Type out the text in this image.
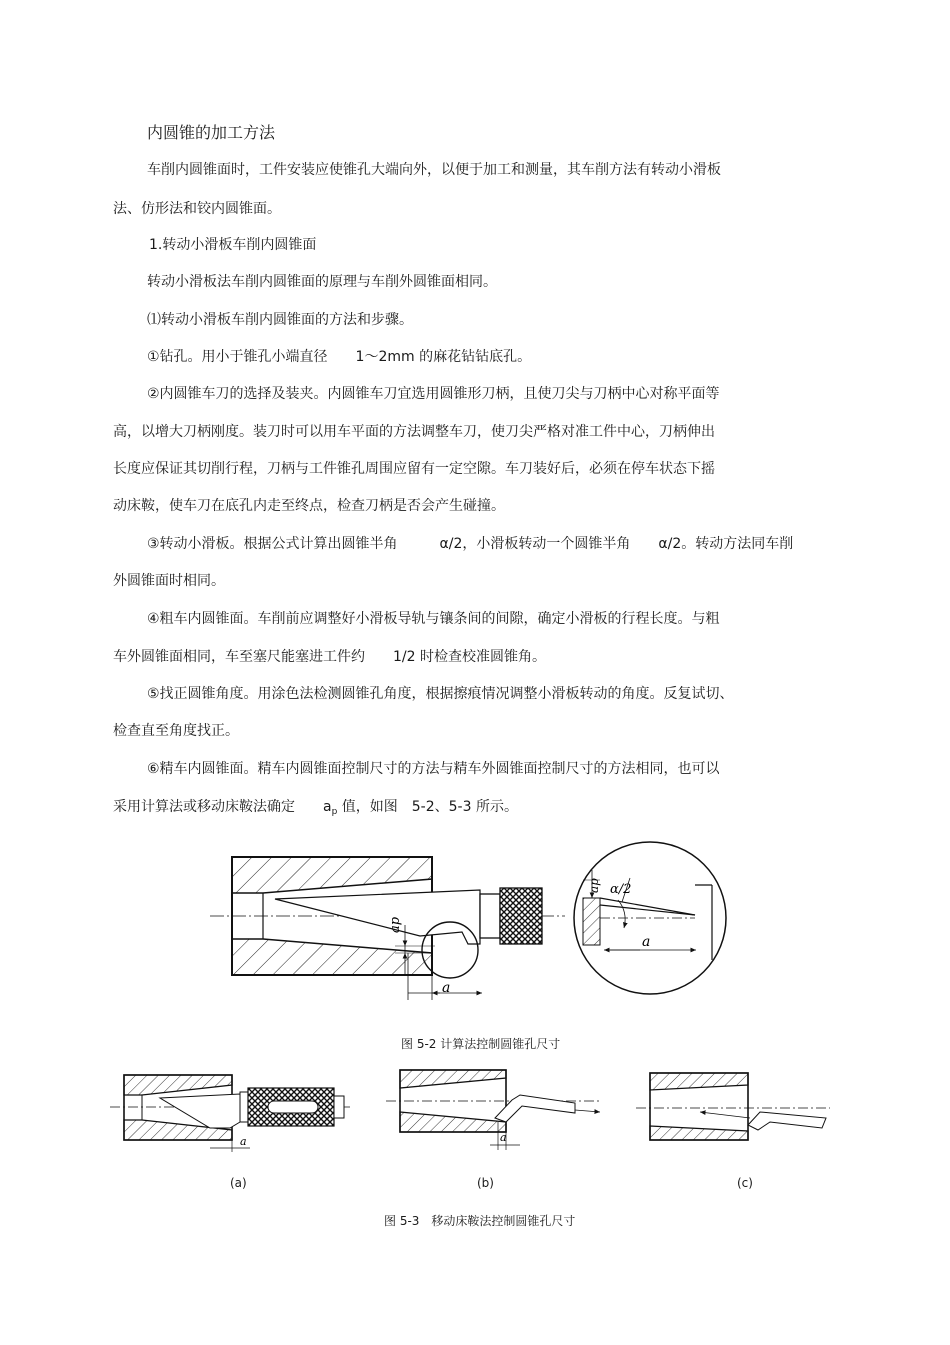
内圆锥的加工方法
车削内圆锥面时，工件安装应使锥孔大端向外，以便于加工和测量，其车削方法有转动小滑板
法、仿形法和铰内圆锥面。
1.转动小滑板车削内圆锥面
转动小滑板法车削内圆锥面的原理与车削外圆锥面相同。
⑴转动小滑板车削内圆锥面的方法和步骤。
①钻孔。用小于锥孔小端直径　　1～2mm 的麻花钻钻底孔。
②内圆锥车刀的选择及装夹。内圆锥车刀宜选用圆锥形刀柄，且使刀尖与刀柄中心对称平面等
高，以增大刀柄刚度。装刀时可以用车平面的方法调整车刀，使刀尖严格对准工件中心，刀柄伸出
长度应保证其切削行程，刀柄与工件锥孔周围应留有一定空隙。车刀装好后，必须在停车状态下摇
动床鞍，使车刀在底孔内走至终点，检查刀柄是否会产生碰撞。
③转动小滑板。根据公式计算出圆锥半角　　　α/2，小滑板转动一个圆锥半角　　α/2。转动方法同车削
外圆锥面时相同。
④粗车内圆锥面。车削前应调整好小滑板导轨与镶条间的间隙，确定小滑板的行程长度。与粗
车外圆锥面相同，车至塞尺能塞进工件约　　1/2 时检查校准圆锥角。
⑤找正圆锥角度。用涂色法检测圆锥孔角度，根据擦痕情况调整小滑板转动的角度。反复试切、
检查直至角度找正。
⑥精车内圆锥面。精车内圆锥面控制尺寸的方法与精车外圆锥面控制尺寸的方法相同，也可以
采用计算法或移动床鞍法确定　　$a_p$ 值，如图　5-2、5-3 所示。
ap
a
ap α/2
a
a	a
图 5-2 计算法控制圆锥孔尺寸
(a)	(b)	(c)
图 5-3　移动床鞍法控制圆锥孔尺寸
